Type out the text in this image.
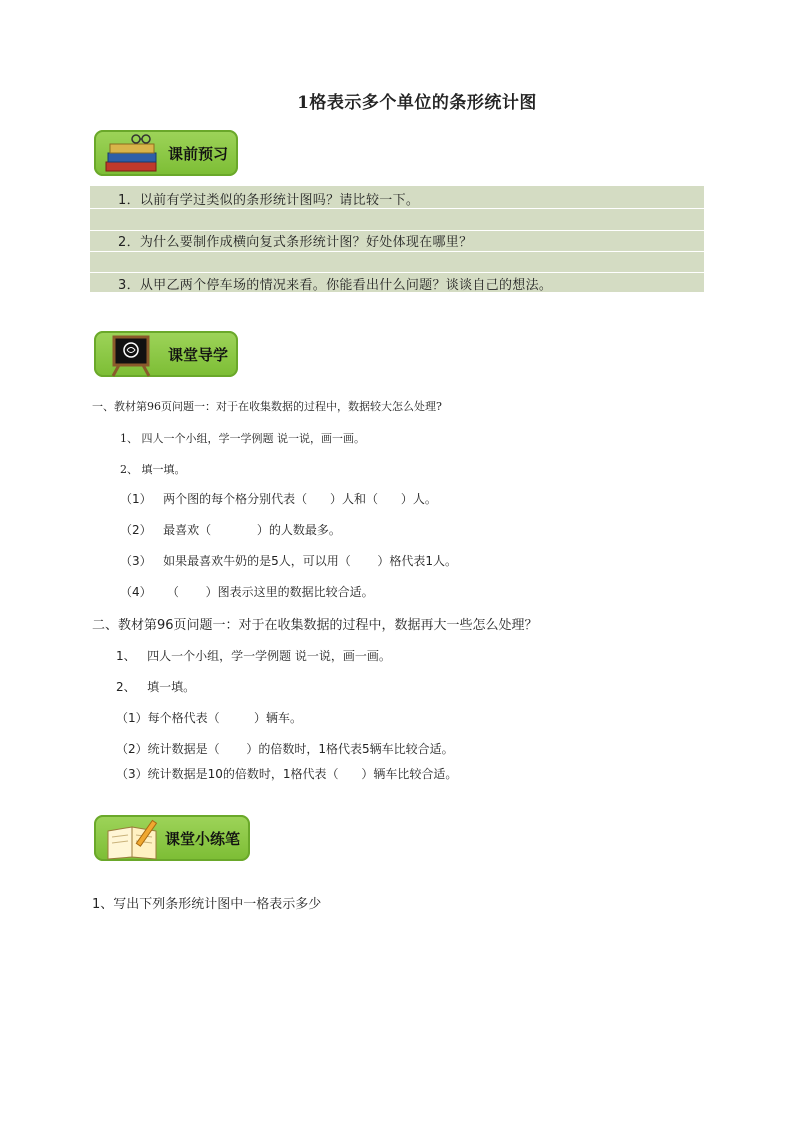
1格表示多个单位的条形统计图
课前预习
1．以前有学过类似的条形统计图吗？请比较一下。
2．为什么要制作成横向复式条形统计图？好处体现在哪里？
3．从甲乙两个停车场的情况来看。你能看出什么问题？谈谈自己的想法。
课堂导学
一、教材第96页问题一：对于在收集数据的过程中，数据较大怎么处理?
1、 四人一个小组，学一学例题 说一说，画一画。
2、 填一填。
（1）   两个图的每个格分别代表（      ）人和（      ）人。
（2）   最喜欢（            ）的人数最多。
（3）   如果最喜欢牛奶的是5人，可以用（       ）格代表1人。
（4）    （       ）图表示这里的数据比较合适。
二、教材第96页问题一：对于在收集数据的过程中，数据再大一些怎么处理？
1、   四人一个小组，学一学例题 说一说，画一画。
2、   填一填。
（1）每个格代表（         ）辆车。
（2）统计数据是（       ）的倍数时，1格代表5辆车比较合适。
（3）统计数据是10的倍数时，1格代表（      ）辆车比较合适。
课堂小练笔
1、写出下列条形统计图中一格表示多少
